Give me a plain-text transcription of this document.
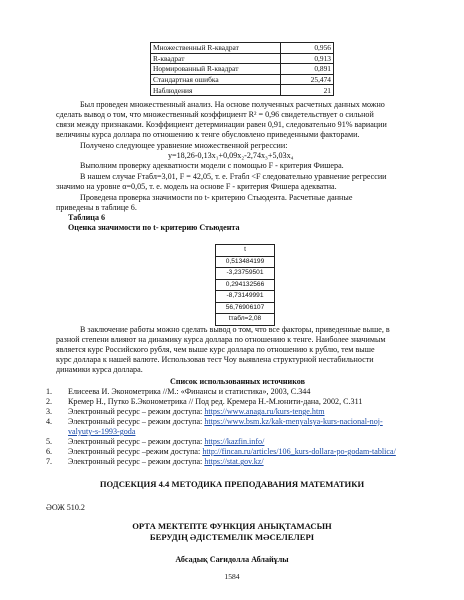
Множественный R-квадрат	0,956
R-квадрат	0,913
Нормированный R-квадрат	0,891
Стандартная ошибка	25,474
Наблюдения	21
Был проведен множественный анализ. На основе полученных расчетных данных можно
сделать вывод о том, что множественный коэффициент R² = 0,96 свидетельствует о сильной
связи между признаками. Коэффициент детерминации равен 0,91, следовательно 91% вариации
величины курса доллара по отношению к тенге обусловлено приведенными факторами.
Получено следующее уравнение множественной регрессии:
y=18,26-0,13x₁+0,09x₂-2,74x₃+5,03x₄
Выполним проверку адекватности модели с помощью F - критерия Фишера.
В нашем случае Fтабл=3,01, F = 42,05, т. е. Fтабл <F следовательно уравнение регрессии
значимо на уровне α=0,05, т. е. модель на основе F - критерия Фишера адекватна.
Проведена проверка значимости по t- критерию Стьюдента. Расчетные данные
приведены в таблице 6.
Таблица 6
Оценка значимости по t- критерию Стьюдента
t
0,513484199
-3,23759501
0,294132566
-8,73149991
56,76906107
tтабл=2,08
В заключение работы можно сделать вывод о том, что все факторы, приведенные выше, в
разной степени влияют на динамику курса доллара по отношению к тенге. Наиболее значимым
является курс Российского рубля, чем выше курс доллара по отношению к рублю, тем выше
курс доллара к нашей валюте. Использовав тест Чоу выявлена структурной нестабильности
динамики курса доллара.
Список использованных источников
1. Елисеева И. Эконометрика //М.: «Финансы и статистика», 2003, С.344
2. Кремер Н., Путко Б.Эконометрика // Под ред. Кремера Н.-М.юнити-дана, 2002, С.311
3. Электронный ресурс – режим доступа: https://www.anaga.ru/kurs-tenge.htm
4. Электронный ресурс – режим доступа: https://www.bsm.kz/kak-menyalsya-kurs-nacional-noj-
valyuty-s-1993-goda
5. Электронный ресурс – режим доступа: https://kazfin.info/
6. Электронный ресурс –режим доступа: http://fincan.ru/articles/106_kurs-dollara-po-godam-tablica/
7. Электронный ресурс – режим доступа: https://stat.gov.kz/
ПОДСЕКЦИЯ 4.4 МЕТОДИКА ПРЕПОДАВАНИЯ МАТЕМАТИКИ
ӘОЖ 510.2
ОРТА МЕКТЕПТЕ ФУНКЦИЯ АНЫҚТАМАСЫН
БЕРУДІҢ ӘДІСТЕМЕЛІК МӘСЕЛЕЛЕРІ
Абсадық Сағидолла Аблайұлы
1584
